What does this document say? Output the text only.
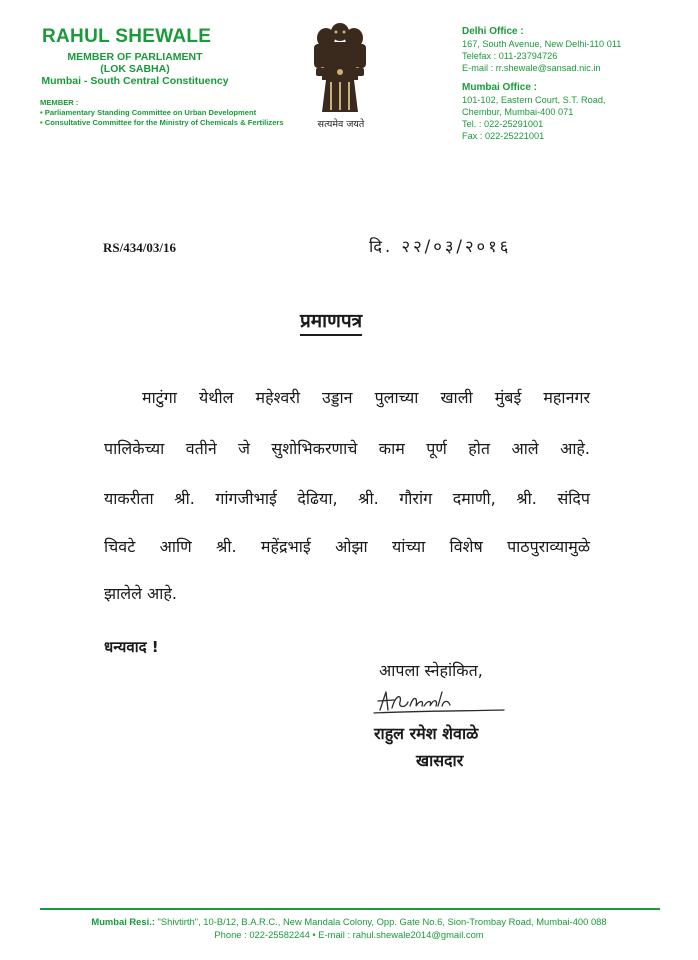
RAHUL SHEWALE
MEMBER OF PARLIAMENT
(LOK SABHA)
Mumbai - South Central Constituency
MEMBER :
• Parliamentary Standing Committee on Urban Development
• Consultative Committee for the Ministry of Chemicals & Fertilizers	सत्यमेव जयते
Delhi Office :
167, South Avenue, New Delhi-110 011
Telefax : 011-23794726
E-mail : rr.shewale@sansad.nic.in
Mumbai Office :
101-102, Eastern Court, S.T. Road,
Chembur, Mumbai-400 071
Tel. : 022-25291001
Fax : 022-25221001
RS/434/03/16	दि. २२/०३/२०१६
प्रमाणपत्र
माटुंगा येथील महेश्वरी उड्डान पुलाच्या खाली मुंबई महानगर
पालिकेच्या वतीने जे सुशोभिकरणाचे काम पूर्ण होत आले आहे.
याकरीता श्री. गांगजीभाई देढिया, श्री. गौरांग दमाणी, श्री. संदिप
चिवटे आणि श्री. महेंद्रभाई ओझा यांच्या विशेष पाठपुराव्यामुळे
झालेले आहे.
धन्यवाद !
आपला स्नेहांकित,
राहुल रमेश शेवाळे
खासदार
Mumbai Resi.: "Shivtirth", 10-B/12, B.A.R.C., New Mandala Colony, Opp. Gate No.6, Sion-Trombay Road, Mumbai-400 088
Phone : 022-25582244 • E-mail : rahul.shewale2014@gmail.com
